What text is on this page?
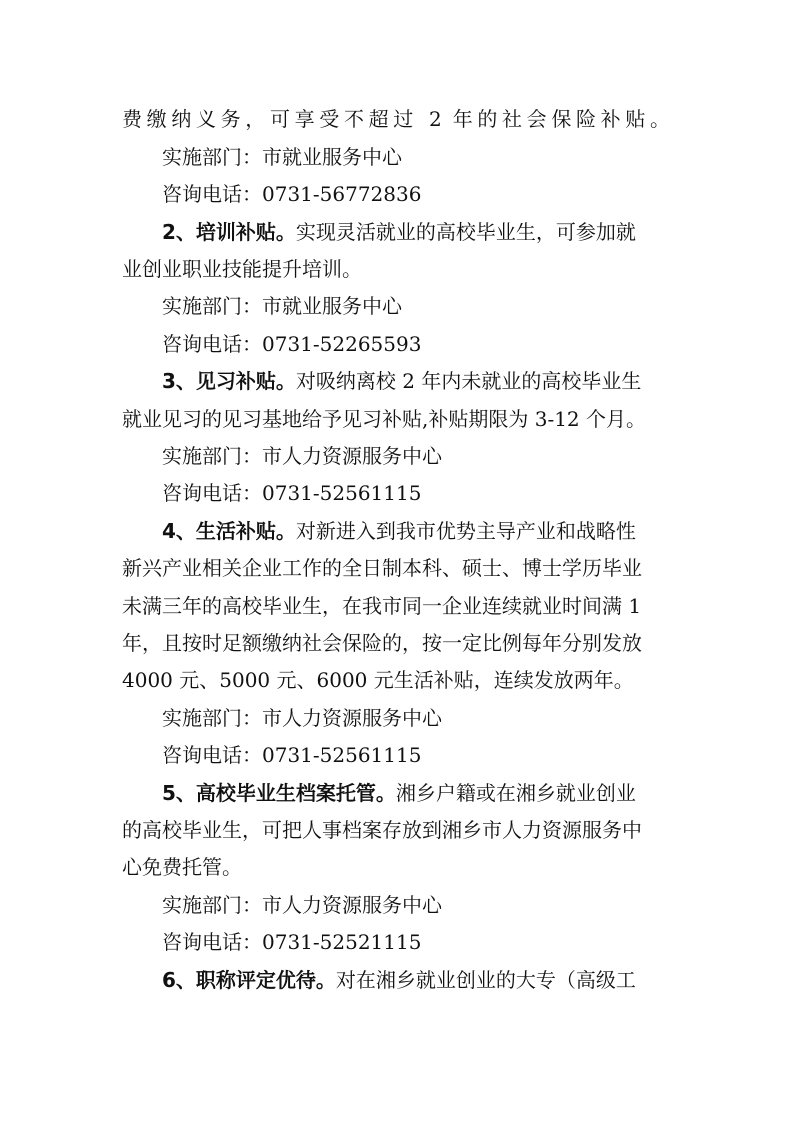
费缴纳义务，可享受不超过 2 年的社会保险补贴。
实施部门：市就业服务中心
咨询电话：0731-56772836
2、培训补贴。实现灵活就业的高校毕业生，可参加就
业创业职业技能提升培训。
实施部门：市就业服务中心
咨询电话：0731-52265593
3、见习补贴。对吸纳离校 2 年内未就业的高校毕业生
就业见习的见习基地给予见习补贴,补贴期限为 3-12 个月。
实施部门：市人力资源服务中心
咨询电话：0731-52561115
4、生活补贴。对新进入到我市优势主导产业和战略性
新兴产业相关企业工作的全日制本科、硕士、博士学历毕业
未满三年的高校毕业生，在我市同一企业连续就业时间满 1
年，且按时足额缴纳社会保险的，按一定比例每年分别发放
4000 元、5000 元、6000 元生活补贴，连续发放两年。
实施部门：市人力资源服务中心
咨询电话：0731-52561115
5、高校毕业生档案托管。湘乡户籍或在湘乡就业创业
的高校毕业生，可把人事档案存放到湘乡市人力资源服务中
心免费托管。
实施部门：市人力资源服务中心
咨询电话：0731-52521115
6、职称评定优待。对在湘乡就业创业的大专（高级工
